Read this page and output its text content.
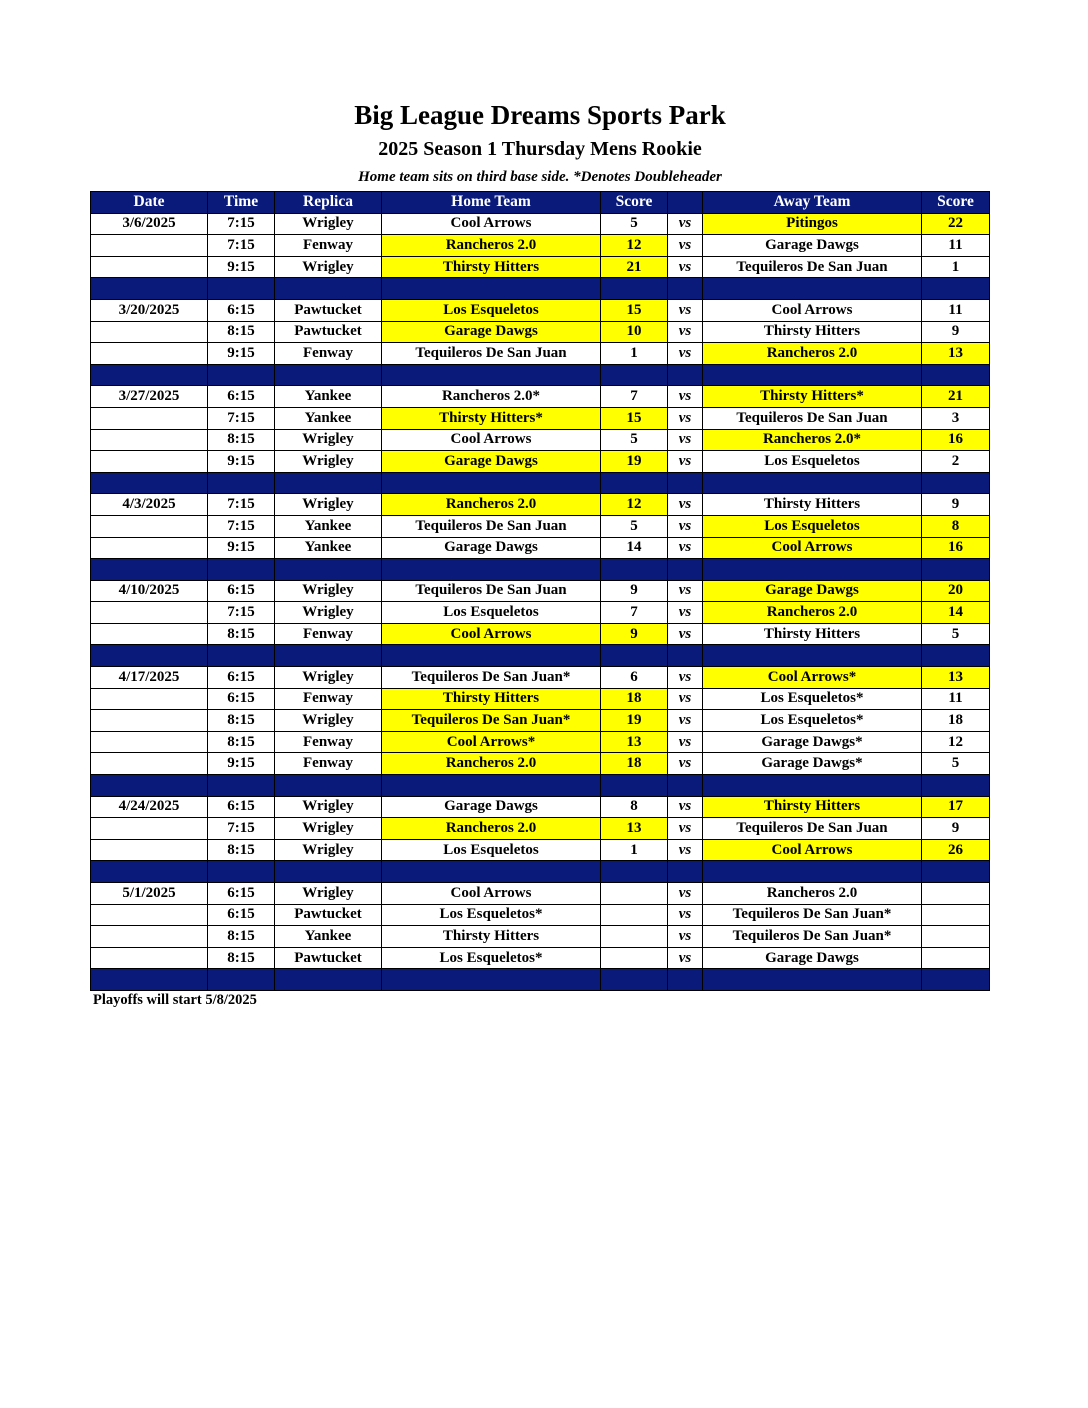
Big League Dreams Sports Park
2025 Season 1 Thursday Mens Rookie
Home team sits on third base side. *Denotes Doubleheader
Date	Time	Replica	Home Team	Score		Away Team	Score
3/6/2025	7:15	Wrigley	Cool Arrows	5	vs	Pitingos	22
	7:15	Fenway	Rancheros 2.0	12	vs	Garage Dawgs	11
	9:15	Wrigley	Thirsty Hitters	21	vs	Tequileros De San Juan	1

3/20/2025	6:15	Pawtucket	Los Esqueletos	15	vs	Cool Arrows	11
	8:15	Pawtucket	Garage Dawgs	10	vs	Thirsty Hitters	9
	9:15	Fenway	Tequileros De San Juan	1	vs	Rancheros 2.0	13

3/27/2025	6:15	Yankee	Rancheros 2.0*	7	vs	Thirsty Hitters*	21
	7:15	Yankee	Thirsty Hitters*	15	vs	Tequileros De San Juan	3
	8:15	Wrigley	Cool Arrows	5	vs	Rancheros 2.0*	16
	9:15	Wrigley	Garage Dawgs	19	vs	Los Esqueletos	2

4/3/2025	7:15	Wrigley	Rancheros 2.0	12	vs	Thirsty Hitters	9
	7:15	Yankee	Tequileros De San Juan	5	vs	Los Esqueletos	8
	9:15	Yankee	Garage Dawgs	14	vs	Cool Arrows	16

4/10/2025	6:15	Wrigley	Tequileros De San Juan	9	vs	Garage Dawgs	20
	7:15	Wrigley	Los Esqueletos	7	vs	Rancheros 2.0	14
	8:15	Fenway	Cool Arrows	9	vs	Thirsty Hitters	5

4/17/2025	6:15	Wrigley	Tequileros De San Juan*	6	vs	Cool Arrows*	13
	6:15	Fenway	Thirsty Hitters	18	vs	Los Esqueletos*	11
	8:15	Wrigley	Tequileros De San Juan*	19	vs	Los Esqueletos*	18
	8:15	Fenway	Cool Arrows*	13	vs	Garage Dawgs*	12
	9:15	Fenway	Rancheros 2.0	18	vs	Garage Dawgs*	5

4/24/2025	6:15	Wrigley	Garage Dawgs	8	vs	Thirsty Hitters	17
	7:15	Wrigley	Rancheros 2.0	13	vs	Tequileros De San Juan	9
	8:15	Wrigley	Los Esqueletos	1	vs	Cool Arrows	26

5/1/2025	6:15	Wrigley	Cool Arrows		vs	Rancheros 2.0	
	6:15	Pawtucket	Los Esqueletos*		vs	Tequileros De San Juan*	
	8:15	Yankee	Thirsty Hitters		vs	Tequileros De San Juan*	
	8:15	Pawtucket	Los Esqueletos*		vs	Garage Dawgs	

Playoffs will start 5/8/2025
